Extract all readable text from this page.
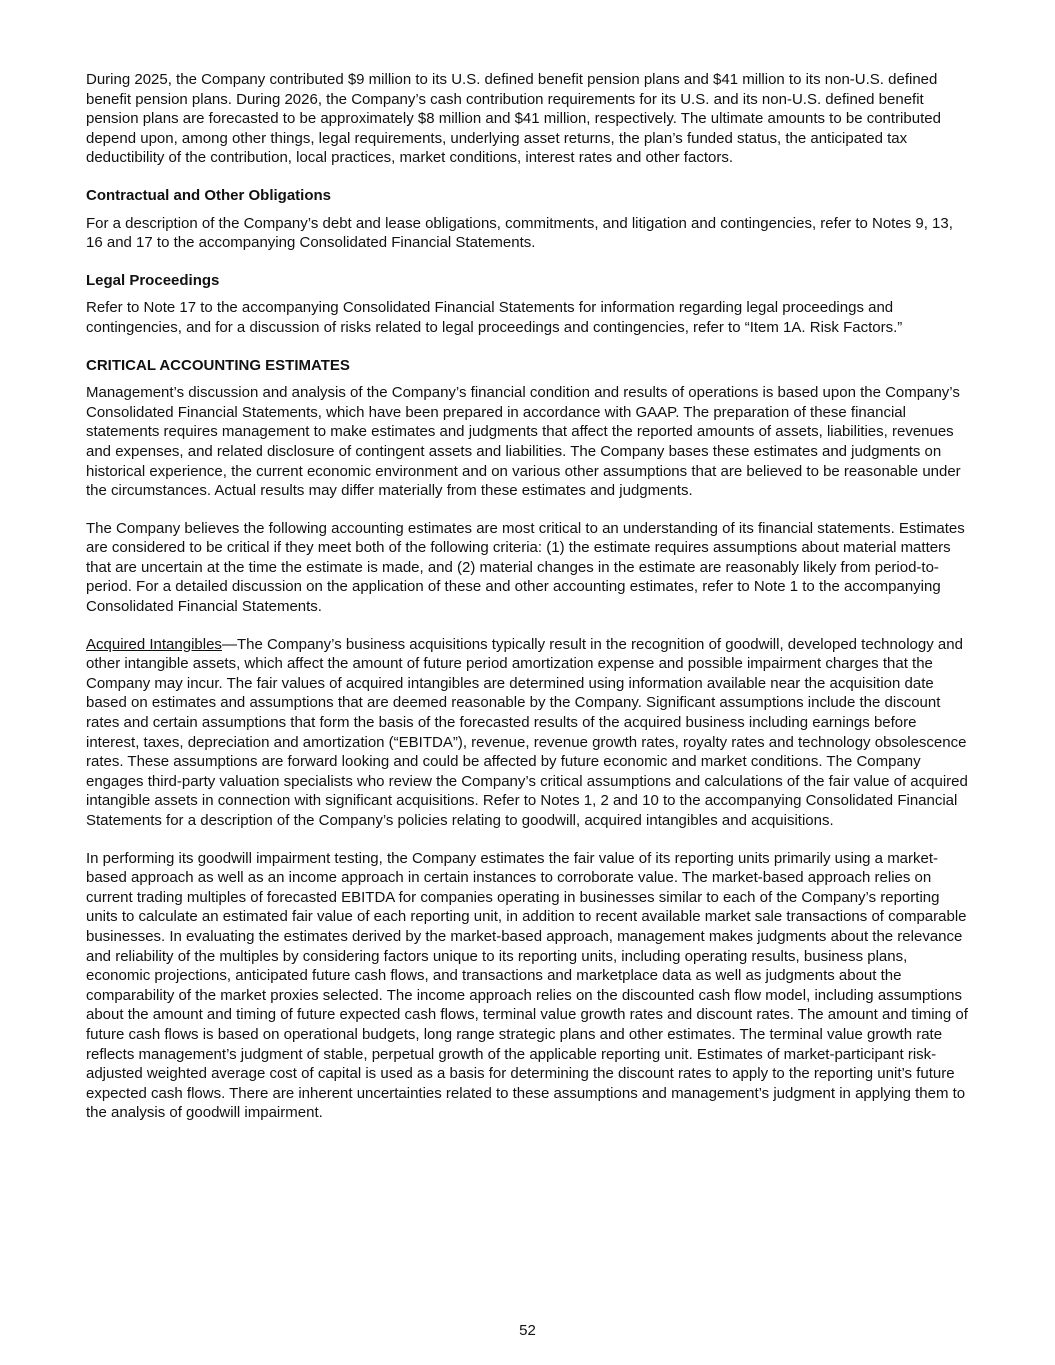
During 2025, the Company contributed $9 million to its U.S. defined benefit pension plans and $41 million to its non-U.S. defined benefit pension plans. During 2026, the Company’s cash contribution requirements for its U.S. and its non-U.S. defined benefit pension plans are forecasted to be approximately $8 million and $41 million, respectively. The ultimate amounts to be contributed depend upon, among other things, legal requirements, underlying asset returns, the plan’s funded status, the anticipated tax deductibility of the contribution, local practices, market conditions, interest rates and other factors.

Contractual and Other Obligations

For a description of the Company’s debt and lease obligations, commitments, and litigation and contingencies, refer to Notes 9, 13, 16 and 17 to the accompanying Consolidated Financial Statements.

Legal Proceedings

Refer to Note 17 to the accompanying Consolidated Financial Statements for information regarding legal proceedings and contingencies, and for a discussion of risks related to legal proceedings and contingencies, refer to “Item 1A. Risk Factors.”

CRITICAL ACCOUNTING ESTIMATES

Management’s discussion and analysis of the Company’s financial condition and results of operations is based upon the Company’s Consolidated Financial Statements, which have been prepared in accordance with GAAP. The preparation of these financial statements requires management to make estimates and judgments that affect the reported amounts of assets, liabilities, revenues and expenses, and related disclosure of contingent assets and liabilities. The Company bases these estimates and judgments on historical experience, the current economic environment and on various other assumptions that are believed to be reasonable under the circumstances. Actual results may differ materially from these estimates and judgments.

The Company believes the following accounting estimates are most critical to an understanding of its financial statements. Estimates are considered to be critical if they meet both of the following criteria: (1) the estimate requires assumptions about material matters that are uncertain at the time the estimate is made, and (2) material changes in the estimate are reasonably likely from period-to-period. For a detailed discussion on the application of these and other accounting estimates, refer to Note 1 to the accompanying Consolidated Financial Statements.

Acquired Intangibles—The Company’s business acquisitions typically result in the recognition of goodwill, developed technology and other intangible assets, which affect the amount of future period amortization expense and possible impairment charges that the Company may incur. The fair values of acquired intangibles are determined using information available near the acquisition date based on estimates and assumptions that are deemed reasonable by the Company. Significant assumptions include the discount rates and certain assumptions that form the basis of the forecasted results of the acquired business including earnings before interest, taxes, depreciation and amortization (“EBITDA”), revenue, revenue growth rates, royalty rates and technology obsolescence rates. These assumptions are forward looking and could be affected by future economic and market conditions. The Company engages third-party valuation specialists who review the Company’s critical assumptions and calculations of the fair value of acquired intangible assets in connection with significant acquisitions. Refer to Notes 1, 2 and 10 to the accompanying Consolidated Financial Statements for a description of the Company’s policies relating to goodwill, acquired intangibles and acquisitions.

In performing its goodwill impairment testing, the Company estimates the fair value of its reporting units primarily using a market-based approach as well as an income approach in certain instances to corroborate value. The market-based approach relies on current trading multiples of forecasted EBITDA for companies operating in businesses similar to each of the Company’s reporting units to calculate an estimated fair value of each reporting unit, in addition to recent available market sale transactions of comparable businesses. In evaluating the estimates derived by the market-based approach, management makes judgments about the relevance and reliability of the multiples by considering factors unique to its reporting units, including operating results, business plans, economic projections, anticipated future cash flows, and transactions and marketplace data as well as judgments about the comparability of the market proxies selected. The income approach relies on the discounted cash flow model, including assumptions about the amount and timing of future expected cash flows, terminal value growth rates and discount rates. The amount and timing of future cash flows is based on operational budgets, long range strategic plans and other estimates. The terminal value growth rate reflects management’s judgment of stable, perpetual growth of the applicable reporting unit. Estimates of market-participant risk-adjusted weighted average cost of capital is used as a basis for determining the discount rates to apply to the reporting unit’s future expected cash flows. There are inherent uncertainties related to these assumptions and management’s judgment in applying them to the analysis of goodwill impairment.

52
